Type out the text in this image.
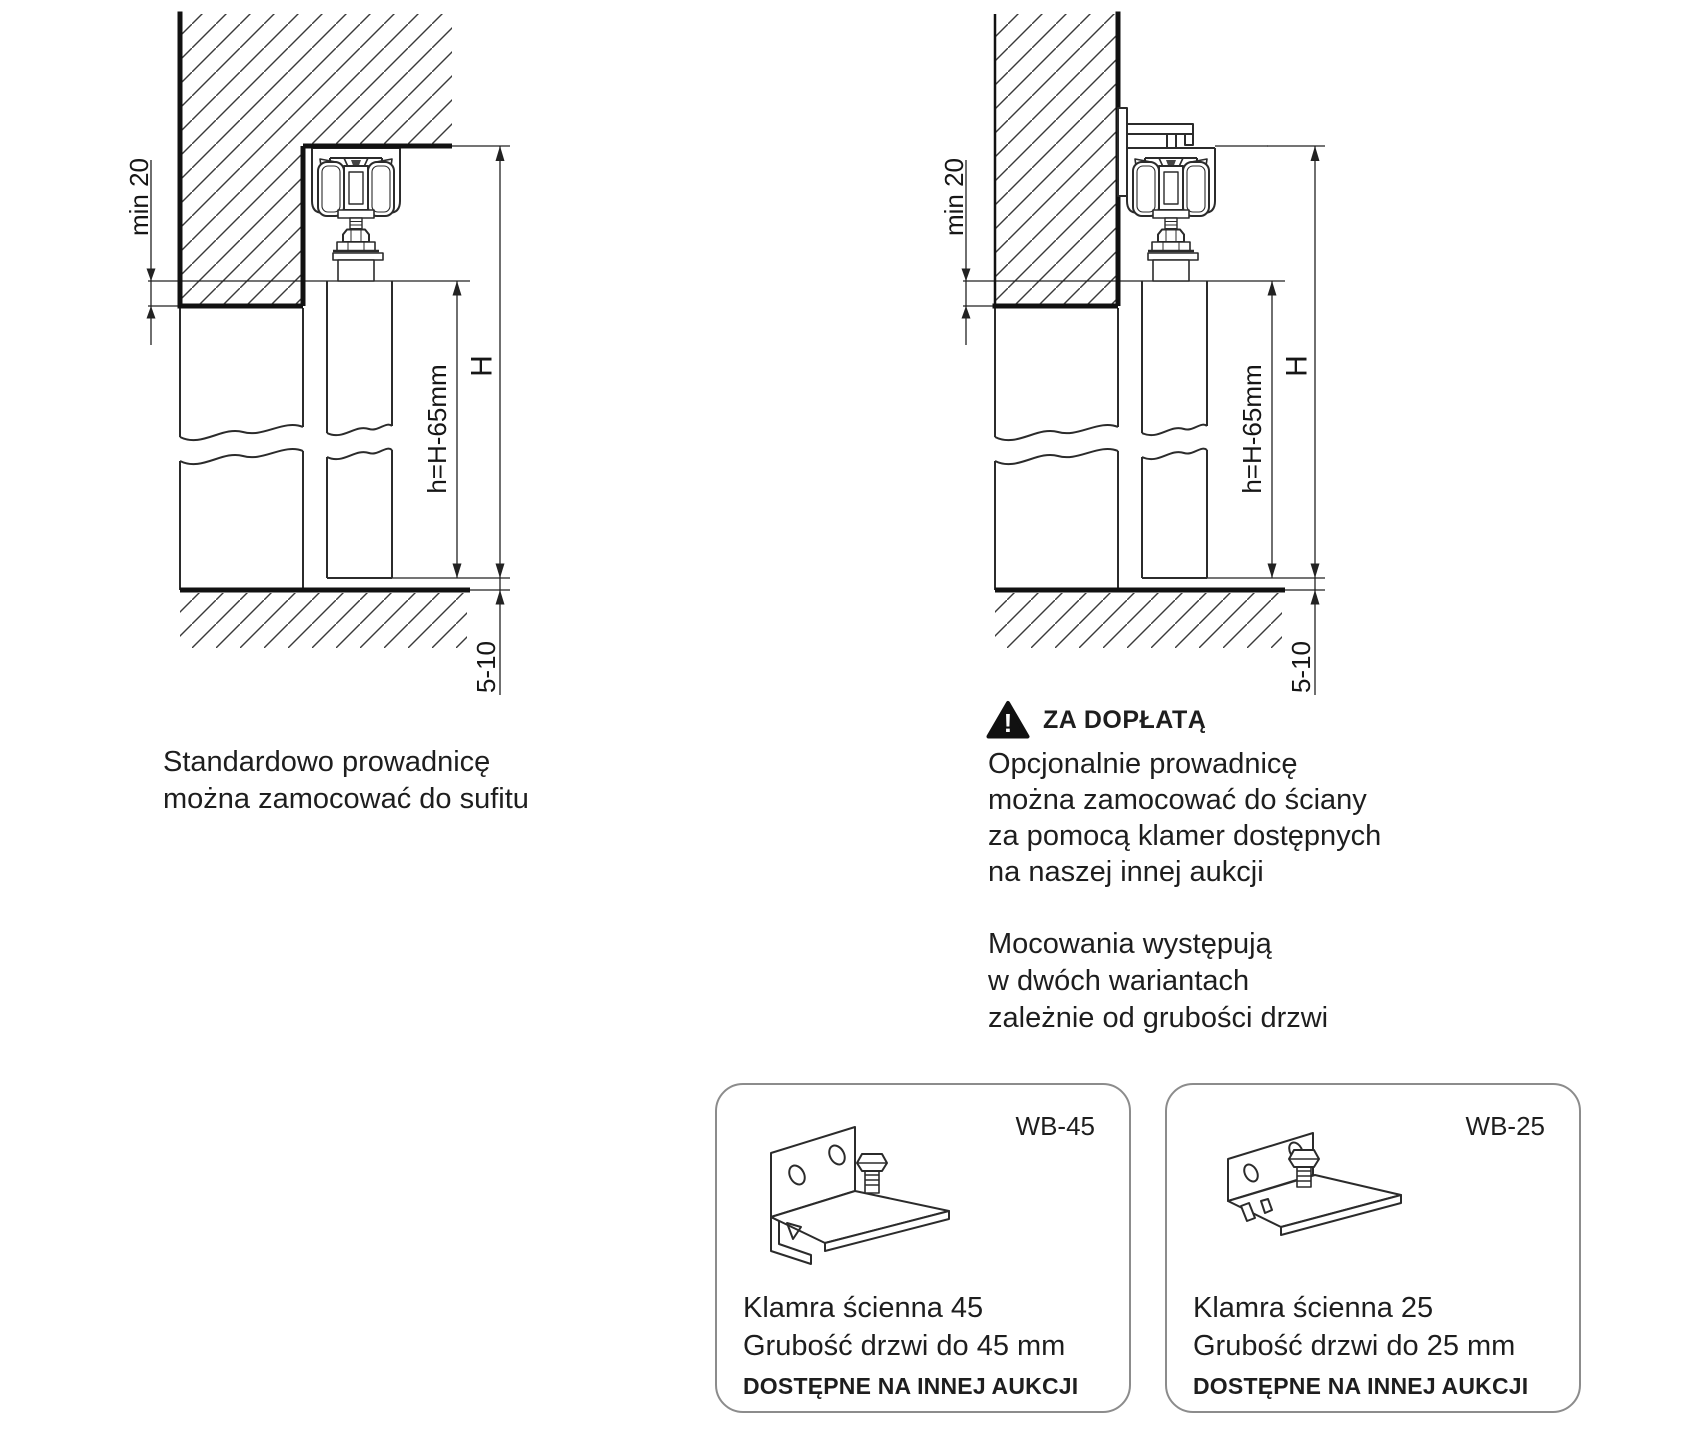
min 20
H
h=H-65mm
5-10
min 20
H
h=H-65mm
5-10
Standardowo prowadnicę
można zamocować do sufitu
! ZA DOPŁATĄ
Opcjonalnie prowadnicę
można zamocować do ściany
za pomocą klamer dostępnych
na naszej innej aukcji
Mocowania występują
w dwóch wariantach
zależnie od grubości drzwi
WB-45
Klamra ścienna 45
Grubość drzwi do 45 mm
DOSTĘPNE NA INNEJ AUKCJI
WB-25
Klamra ścienna 25
Grubość drzwi do 25 mm
DOSTĘPNE NA INNEJ AUKCJI
